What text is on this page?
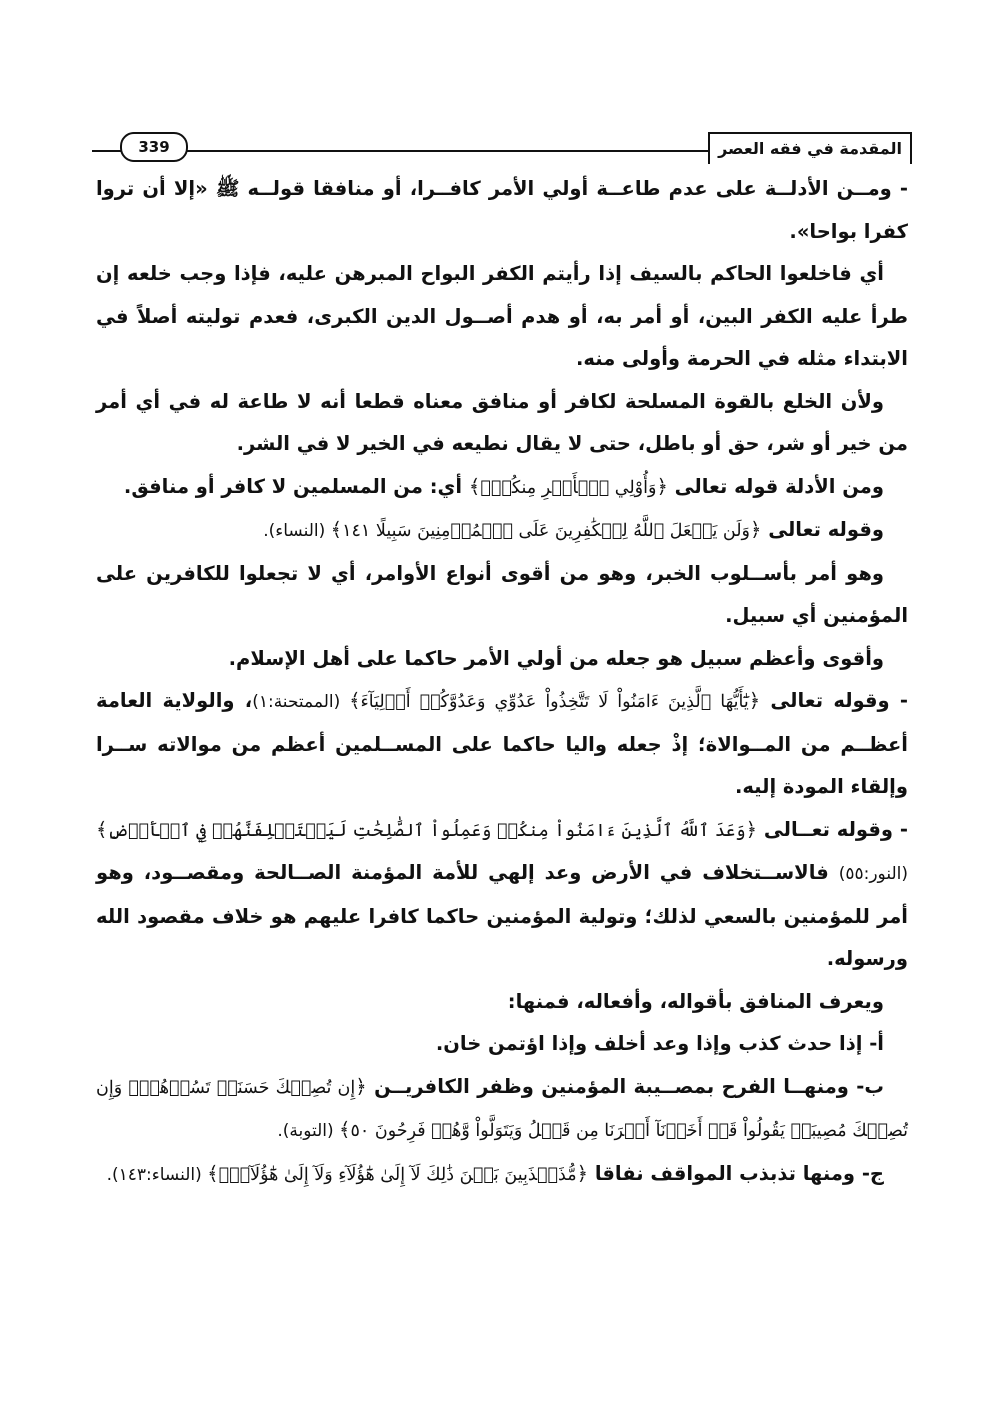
339	المقدمة في فقه العصر

- ومــن الأدلــة على عدم طاعــة أولي الأمر كافــرا، أو منافقا قولــه ﷺ «إلا أن تروا كفرا بواحا».

أي فاخلعوا الحاكم بالسيف إذا رأيتم الكفر البواح المبرهن عليه، فإذا وجب خلعه إن طرأ عليه الكفر البين، أو أمر به، أو هدم أصــول الدين الكبرى، فعدم توليته أصلاً في الابتداء مثله في الحرمة وأولى منه.

ولأن الخلع بالقوة المسلحة لكافر أو منافق معناه قطعا أنه لا طاعة له في أي أمر من خير أو شر، حق أو باطل، حتى لا يقال نطيعه في الخير لا في الشر.

ومن الأدلة قوله تعالى ﴿وَأُوْلِي ٱلۡأَمۡرِ مِنكُمۡۖ﴾ أي: من المسلمين لا كافر أو منافق.

وقوله تعالى ﴿وَلَن يَجۡعَلَ ٱللَّهُ لِلۡكَٰفِرِينَ عَلَى ٱلۡمُؤۡمِنِينَ سَبِيلًا ١٤١﴾ (النساء).

وهو أمر بأســلوب الخبر، وهو من أقوى أنواع الأوامر، أي لا تجعلوا للكافرين على المؤمنين أي سبيل.

وأقوى وأعظم سبيل هو جعله من أولي الأمر حاكما على أهل الإسلام.

- وقوله تعالى ﴿يَٰٓأَيُّهَا ٱلَّذِينَ ءَامَنُواْ لَا تَتَّخِذُواْ عَدُوِّي وَعَدُوَّكُمۡ أَوۡلِيَآءَ﴾ (الممتحنة:١)، والولاية العامة أعظــم من المــوالاة؛ إذْ جعله واليا حاكما على المســلمين أعظم من موالاته ســرا وإلقاء المودة إليه.

- وقوله تعــالى ﴿وَعَدَ ٱللَّهُ ٱلَّذِينَ ءَامَنُواْ مِنكُمۡ وَعَمِلُواْ ٱلصَّٰلِحَٰتِ لَيَسۡتَخۡلِفَنَّهُمۡ فِي ٱلۡأَرۡضِ﴾ (النور:٥٥) فالاســتخلاف في الأرض وعد إلهي للأمة المؤمنة الصــالحة ومقصــود، وهو أمر للمؤمنين بالسعي لذلك؛ وتولية المؤمنين حاكما كافرا عليهم هو خلاف مقصود الله ورسوله.

ويعرف المنافق بأقواله، وأفعاله، فمنها:

أ- إذا حدث كذب وإذا وعد أخلف وإذا اؤتمن خان.

ب- ومنهــا الفرح بمصــيبة المؤمنين وظفر الكافريــن ﴿إِن تُصِبۡكَ حَسَنَةٞ تَسُؤۡهُمۡۖ وَإِن تُصِبۡكَ مُصِيبَةٞ يَقُولُواْ قَدۡ أَخَذۡنَآ أَمۡرَنَا مِن قَبۡلُ وَيَتَوَلَّواْ وَّهُمۡ فَرِحُونَ ٥٠﴾ (التوبة).

ج- ومنها تذبذب المواقف نفاقا ﴿مُّذَبۡذَبِينَ بَيۡنَ ذَٰلِكَ لَآ إِلَىٰ هَٰٓؤُلَآءِ وَلَآ إِلَىٰ هَٰٓؤُلَآءِۚ﴾ (النساء:١٤٣).
